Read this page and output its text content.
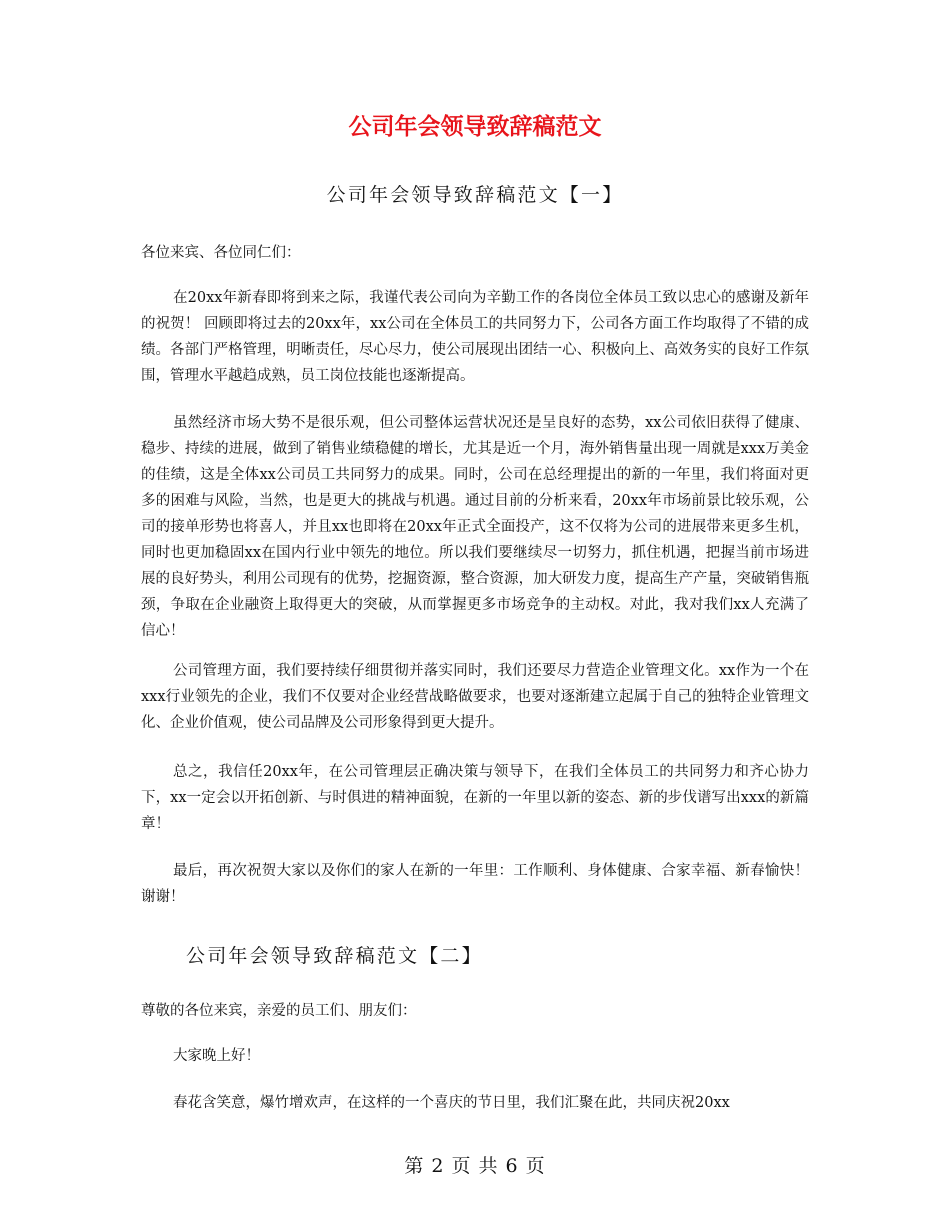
公司年会领导致辞稿范文
公司年会领导致辞稿范文【一】

各位来宾、各位同仁们：

在20xx年新春即将到来之际，我谨代表公司向为辛勤工作的各岗位全体员工致以忠心的感谢及新年的祝贺！ 回顾即将过去的20xx年，xx公司在全体员工的共同努力下，公司各方面工作均取得了不错的成绩。各部门严格管理，明晰责任，尽心尽力，使公司展现出团结一心、积极向上、高效务实的良好工作氛围，管理水平越趋成熟，员工岗位技能也逐渐提高。

虽然经济市场大势不是很乐观，但公司整体运营状况还是呈良好的态势，xx公司依旧获得了健康、稳步、持续的进展，做到了销售业绩稳健的增长，尤其是近一个月，海外销售量出现一周就是xxx万美金的佳绩，这是全体xx公司员工共同努力的成果。同时，公司在总经理提出的新的一年里，我们将面对更多的困难与风险，当然，也是更大的挑战与机遇。通过目前的分析来看，20xx年市场前景比较乐观，公司的接单形势也将喜人，并且xx也即将在20xx年正式全面投产，这不仅将为公司的进展带来更多生机，同时也更加稳固xx在国内行业中领先的地位。所以我们要继续尽一切努力，抓住机遇，把握当前市场进展的良好势头，利用公司现有的优势，挖掘资源，整合资源，加大研发力度，提高生产产量，突破销售瓶颈，争取在企业融资上取得更大的突破，从而掌握更多市场竞争的主动权。对此，我对我们xx人充满了信心！

公司管理方面，我们要持续仔细贯彻并落实同时，我们还要尽力营造企业管理文化。xx作为一个在xxx行业领先的企业，我们不仅要对企业经营战略做要求，也要对逐渐建立起属于自己的独特企业管理文化、企业价值观，使公司品牌及公司形象得到更大提升。

总之，我信任20xx年，在公司管理层正确决策与领导下，在我们全体员工的共同努力和齐心协力下，xx一定会以开拓创新、与时俱进的精神面貌，在新的一年里以新的姿态、新的步伐谱写出xxx的新篇章！

最后，再次祝贺大家以及你们的家人在新的一年里：工作顺利、身体健康、合家幸福、新春愉快！ 谢谢！

公司年会领导致辞稿范文【二】

尊敬的各位来宾，亲爱的员工们、朋友们：

大家晚上好！

春花含笑意，爆竹增欢声，在这样的一个喜庆的节日里，我们汇聚在此，共同庆祝20xx

第 2 页 共 6 页
